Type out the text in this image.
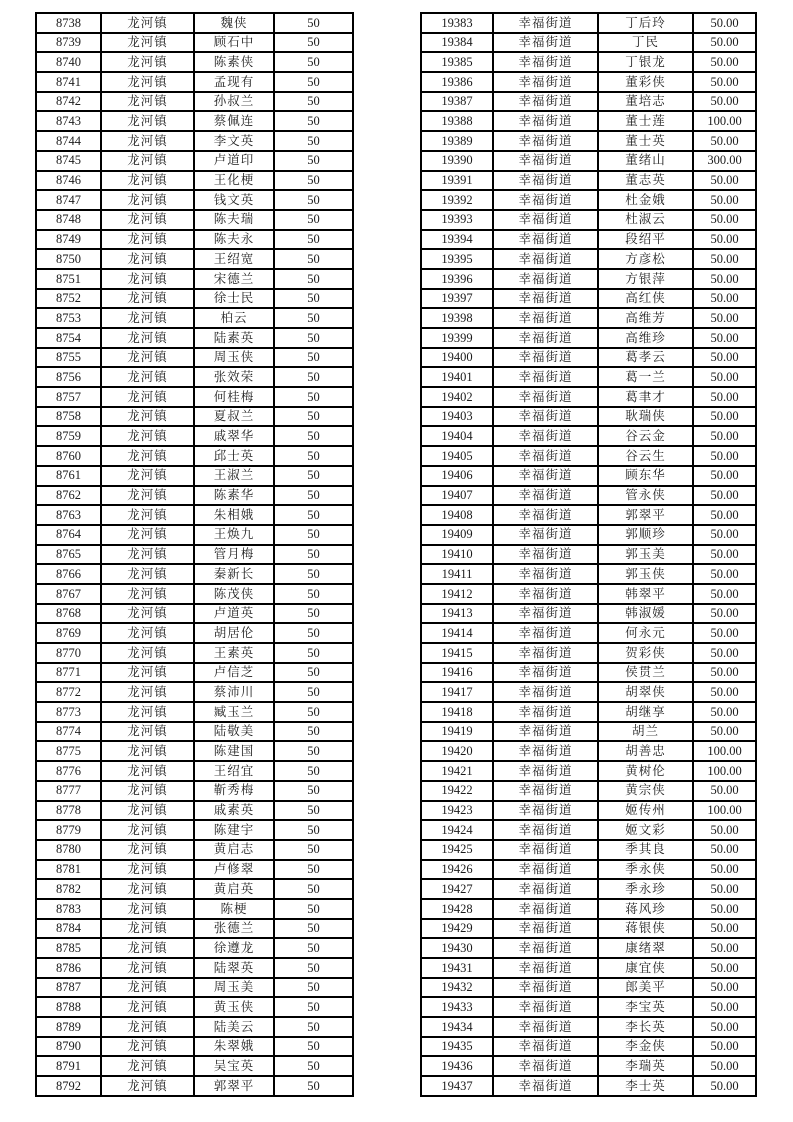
8738	龙河镇	魏侠	50
8739	龙河镇	顾石中	50
8740	龙河镇	陈素侠	50
8741	龙河镇	孟现有	50
8742	龙河镇	孙叔兰	50
8743	龙河镇	蔡佩连	50
8744	龙河镇	李文英	50
8745	龙河镇	卢道印	50
8746	龙河镇	王化梗	50
8747	龙河镇	钱文英	50
8748	龙河镇	陈夫瑞	50
8749	龙河镇	陈夫永	50
8750	龙河镇	王绍宽	50
8751	龙河镇	宋德兰	50
8752	龙河镇	徐士民	50
8753	龙河镇	柏云	50
8754	龙河镇	陆素英	50
8755	龙河镇	周玉侠	50
8756	龙河镇	张效荣	50
8757	龙河镇	何桂梅	50
8758	龙河镇	夏叔兰	50
8759	龙河镇	戚翠华	50
8760	龙河镇	邱士英	50
8761	龙河镇	王淑兰	50
8762	龙河镇	陈素华	50
8763	龙河镇	朱相娥	50
8764	龙河镇	王焕九	50
8765	龙河镇	管月梅	50
8766	龙河镇	秦新长	50
8767	龙河镇	陈茂侠	50
8768	龙河镇	卢道英	50
8769	龙河镇	胡居伦	50
8770	龙河镇	王素英	50
8771	龙河镇	卢信芝	50
8772	龙河镇	蔡沛川	50
8773	龙河镇	臧玉兰	50
8774	龙河镇	陆敬美	50
8775	龙河镇	陈建国	50
8776	龙河镇	王绍宜	50
8777	龙河镇	靳秀梅	50
8778	龙河镇	戚素英	50
8779	龙河镇	陈建宇	50
8780	龙河镇	黄启志	50
8781	龙河镇	卢修翠	50
8782	龙河镇	黄启英	50
8783	龙河镇	陈梗	50
8784	龙河镇	张德兰	50
8785	龙河镇	徐遵龙	50
8786	龙河镇	陆翠英	50
8787	龙河镇	周玉美	50
8788	龙河镇	黄玉侠	50
8789	龙河镇	陆美云	50
8790	龙河镇	朱翠娥	50
8791	龙河镇	吴宝英	50
8792	龙河镇	郭翠平	50
19383	幸福街道	丁后玲	50.00
19384	幸福街道	丁民	50.00
19385	幸福街道	丁银龙	50.00
19386	幸福街道	董彩侠	50.00
19387	幸福街道	董培志	50.00
19388	幸福街道	董士莲	100.00
19389	幸福街道	董士英	50.00
19390	幸福街道	董绪山	300.00
19391	幸福街道	董志英	50.00
19392	幸福街道	杜金娥	50.00
19393	幸福街道	杜淑云	50.00
19394	幸福街道	段绍平	50.00
19395	幸福街道	方彦松	50.00
19396	幸福街道	方银萍	50.00
19397	幸福街道	高红侠	50.00
19398	幸福街道	高维芳	50.00
19399	幸福街道	高维珍	50.00
19400	幸福街道	葛孝云	50.00
19401	幸福街道	葛一兰	50.00
19402	幸福街道	葛聿才	50.00
19403	幸福街道	耿瑞侠	50.00
19404	幸福街道	谷云金	50.00
19405	幸福街道	谷云生	50.00
19406	幸福街道	顾东华	50.00
19407	幸福街道	管永侠	50.00
19408	幸福街道	郭翠平	50.00
19409	幸福街道	郭顺珍	50.00
19410	幸福街道	郭玉美	50.00
19411	幸福街道	郭玉侠	50.00
19412	幸福街道	韩翠平	50.00
19413	幸福街道	韩淑媛	50.00
19414	幸福街道	何永元	50.00
19415	幸福街道	贺彩侠	50.00
19416	幸福街道	侯贯兰	50.00
19417	幸福街道	胡翠侠	50.00
19418	幸福街道	胡继享	50.00
19419	幸福街道	胡兰	50.00
19420	幸福街道	胡善忠	100.00
19421	幸福街道	黄树伦	100.00
19422	幸福街道	黄宗侠	50.00
19423	幸福街道	姬传州	100.00
19424	幸福街道	姬文彩	50.00
19425	幸福街道	季其良	50.00
19426	幸福街道	季永侠	50.00
19427	幸福街道	季永珍	50.00
19428	幸福街道	蒋风珍	50.00
19429	幸福街道	蒋银侠	50.00
19430	幸福街道	康绪翠	50.00
19431	幸福街道	康宜侠	50.00
19432	幸福街道	郎美平	50.00
19433	幸福街道	李宝英	50.00
19434	幸福街道	李长英	50.00
19435	幸福街道	李金侠	50.00
19436	幸福街道	李瑞英	50.00
19437	幸福街道	李士英	50.00
